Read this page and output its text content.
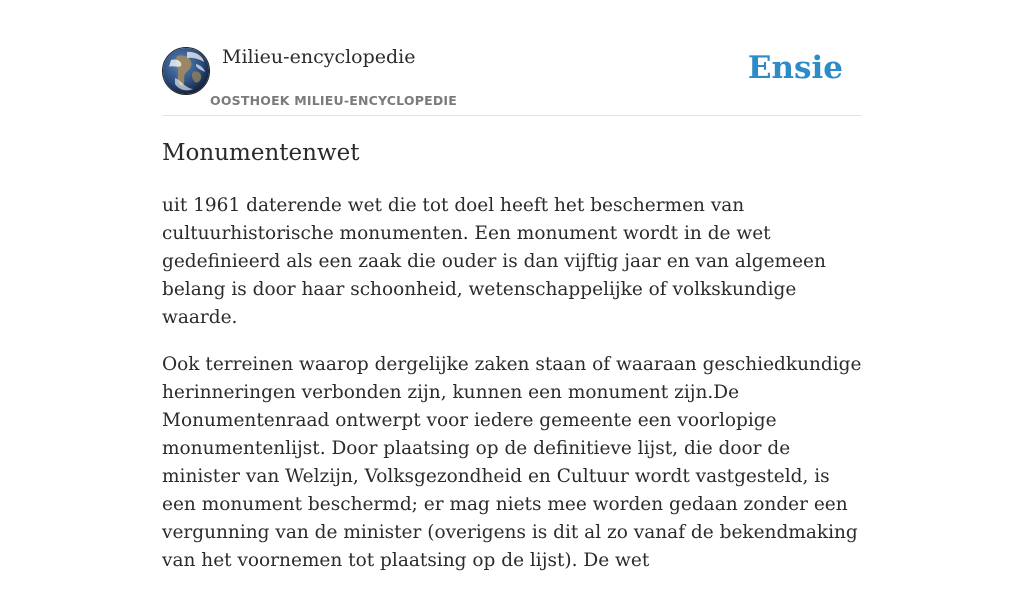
Milieu-encyclopedie
OOSTHOEK MILIEU-ENCYCLOPEDIE
Ensie
Monumentenwet

uit 1961 daterende wet die tot doel heeft het beschermen van cultuurhistorische monumenten. Een monument wordt in de wet gedefinieerd als een zaak die ouder is dan vijftig jaar en van algemeen belang is door haar schoonheid, wetenschappelijke of volkskundige waarde.

Ook terreinen waarop dergelijke zaken staan of waaraan geschiedkundige herinneringen verbonden zijn, kunnen een monument zijn.De Monumentenraad ontwerpt voor iedere gemeente een voorlopige monumentenlijst. Door plaatsing op de definitieve lijst, die door de minister van Welzijn, Volksgezondheid en Cultuur wordt vastgesteld, is een monument beschermd; er mag niets mee worden gedaan zonder een vergunning van de minister (overigens is dit al zo vanaf de bekendmaking van het voornemen tot plaatsing op de lijst). De wet
